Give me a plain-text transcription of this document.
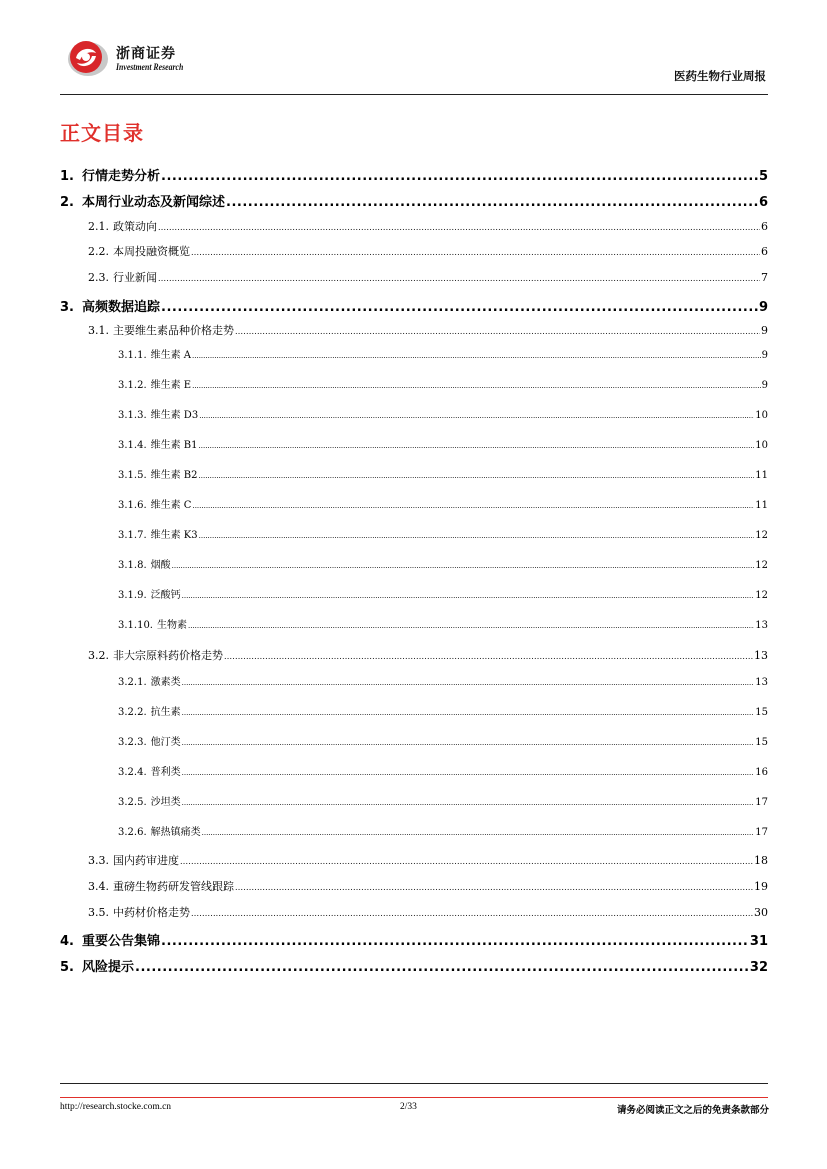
浙商证券
Investment Research
医药生物行业周报
正文目录
1. 行情走势分析 .....	5
2. 本周行业动态及新闻综述 .....	6
2.1. 政策动向 .....	6
2.2. 本周投融资概览 .....	6
2.3. 行业新闻 .....	7
3. 高频数据追踪 .....	9
3.1. 主要维生素品种价格走势 .....	9
3.1.1. 维生素 A .....	9
3.1.2. 维生素 E .....	9
3.1.3. 维生素 D3 .....	10
3.1.4. 维生素 B1 .....	10
3.1.5. 维生素 B2 .....	11
3.1.6. 维生素 C .....	11
3.1.7. 维生素 K3 .....	12
3.1.8. 烟酸 .....	12
3.1.9. 泛酸钙 .....	12
3.1.10. 生物素 .....	13
3.2. 非大宗原料药价格走势 .....	13
3.2.1. 激素类 .....	13
3.2.2. 抗生素 .....	15
3.2.3. 他汀类 .....	15
3.2.4. 普利类 .....	16
3.2.5. 沙坦类 .....	17
3.2.6. 解热镇痛类 .....	17
3.3. 国内药审进度 .....	18
3.4. 重磅生物药研发管线跟踪 .....	19
3.5. 中药材价格走势 .....	30
4. 重要公告集锦 .....	31
5. 风险提示 .....	32
http://research.stocke.com.cn	2/33	请务必阅读正文之后的免责条款部分
